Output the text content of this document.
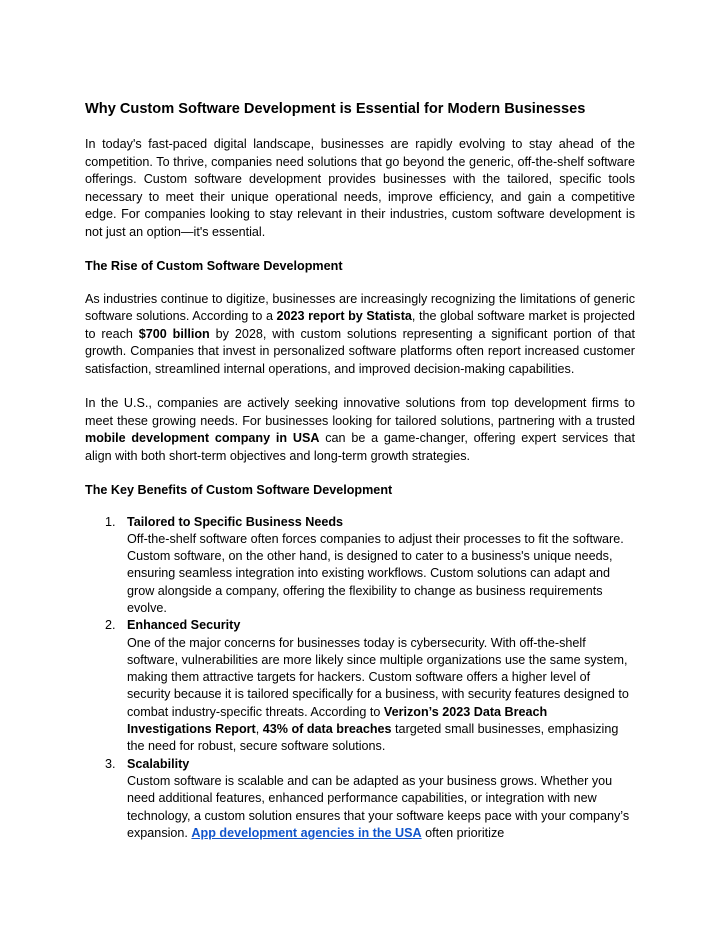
Why Custom Software Development is Essential for Modern Businesses

In today's fast-paced digital landscape, businesses are rapidly evolving to stay ahead of the competition. To thrive, companies need solutions that go beyond the generic, off-the-shelf software offerings. Custom software development provides businesses with the tailored, specific tools necessary to meet their unique operational needs, improve efficiency, and gain a competitive edge. For companies looking to stay relevant in their industries, custom software development is not just an option—it's essential.

The Rise of Custom Software Development

As industries continue to digitize, businesses are increasingly recognizing the limitations of generic software solutions. According to a 2023 report by Statista, the global software market is projected to reach $700 billion by 2028, with custom solutions representing a significant portion of that growth. Companies that invest in personalized software platforms often report increased customer satisfaction, streamlined internal operations, and improved decision-making capabilities.

In the U.S., companies are actively seeking innovative solutions from top development firms to meet these growing needs. For businesses looking for tailored solutions, partnering with a trusted mobile development company in USA can be a game-changer, offering expert services that align with both short-term objectives and long-term growth strategies.

The Key Benefits of Custom Software Development
1. Tailored to Specific Business Needs
Off-the-shelf software often forces companies to adjust their processes to fit the software. Custom software, on the other hand, is designed to cater to a business's unique needs, ensuring seamless integration into existing workflows. Custom solutions can adapt and grow alongside a company, offering the flexibility to change as business requirements evolve.
2. Enhanced Security
One of the major concerns for businesses today is cybersecurity. With off-the-shelf software, vulnerabilities are more likely since multiple organizations use the same system, making them attractive targets for hackers. Custom software offers a higher level of security because it is tailored specifically for a business, with security features designed to combat industry-specific threats. According to Verizon’s 2023 Data Breach Investigations Report, 43% of data breaches targeted small businesses, emphasizing the need for robust, secure software solutions.
3. Scalability
Custom software is scalable and can be adapted as your business grows. Whether you need additional features, enhanced performance capabilities, or integration with new technology, a custom solution ensures that your software keeps pace with your company’s expansion. App development agencies in the USA often prioritize
